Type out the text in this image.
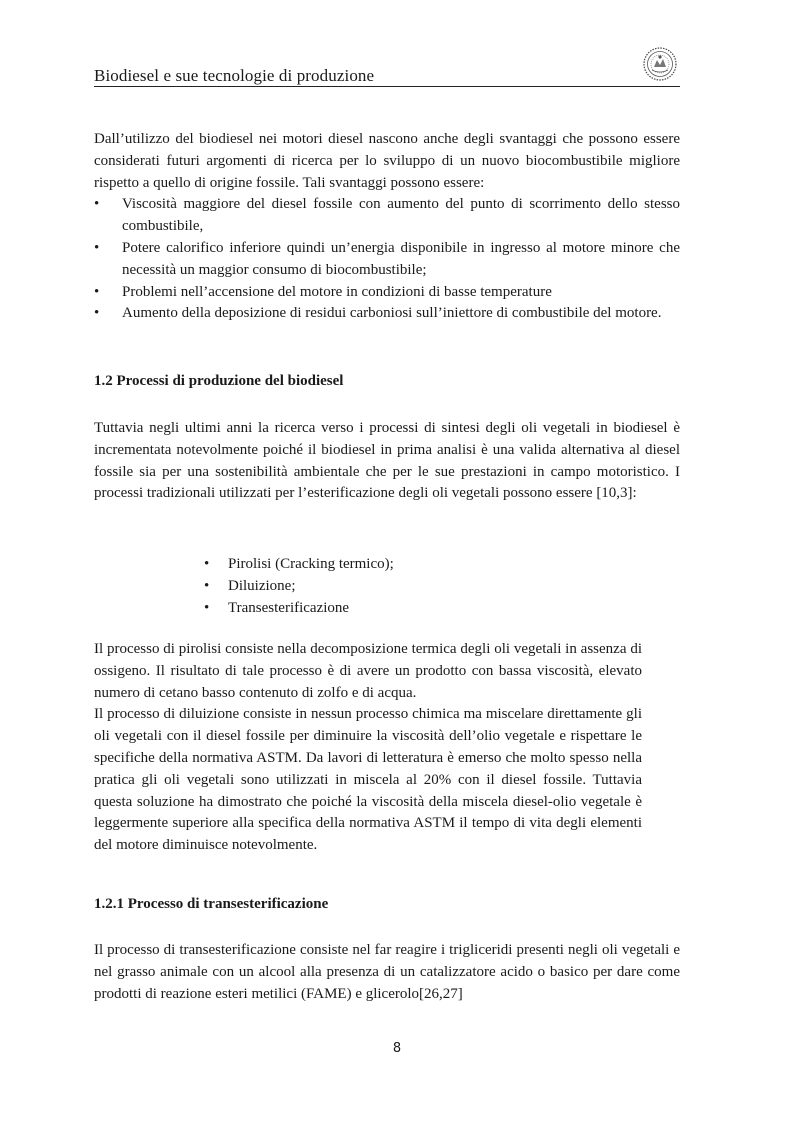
Biodiesel e sue tecnologie di produzione

Dall’utilizzo del biodiesel nei motori diesel nascono anche degli svantaggi che possono essere considerati futuri argomenti di ricerca per lo sviluppo di un nuovo biocombustibile migliore rispetto a quello di origine fossile. Tali svantaggi possono essere:

• Viscosità maggiore del diesel fossile con aumento del punto di scorrimento dello stesso combustibile,
• Potere calorifico inferiore quindi un’energia disponibile in ingresso al motore minore che necessità un maggior consumo di biocombustibile;
• Problemi nell’accensione del motore in condizioni di basse temperature
• Aumento della deposizione di residui carboniosi sull’iniettore di combustibile del motore.
1.2 Processi di produzione del biodiesel

Tuttavia negli ultimi anni la ricerca verso i processi di sintesi degli oli vegetali in biodiesel è incrementata notevolmente poiché il biodiesel in prima analisi è una valida alternativa al diesel fossile sia per una sostenibilità ambientale che per le sue prestazioni in campo motoristico. I processi tradizionali utilizzati per l’esterificazione degli oli vegetali possono essere [10,3]:

•	Pirolisi (Cracking termico);
•	Diluizione;
•	Transesterificazione

Il processo di pirolisi consiste nella decomposizione termica degli oli vegetali in assenza di ossigeno. Il risultato di tale processo è di avere un prodotto con bassa viscosità, elevato numero di cetano basso contenuto di zolfo e di acqua.

Il processo di diluizione consiste in nessun processo chimica ma miscelare direttamente gli oli vegetali con il diesel fossile per diminuire la viscosità dell’olio vegetale e rispettare le specifiche della normativa ASTM. Da lavori di letteratura è emerso che molto spesso nella pratica gli oli vegetali sono utilizzati in miscela al 20% con il diesel fossile. Tuttavia questa soluzione ha dimostrato che poiché la viscosità della miscela diesel-olio vegetale è leggermente superiore alla specifica della normativa ASTM il tempo di vita degli elementi del motore diminuisce notevolmente.

1.2.1 Processo di transesterificazione

Il processo di transesterificazione consiste nel far reagire i trigliceridi presenti negli oli vegetali e nel grasso animale con un alcool alla presenza di un catalizzatore acido o basico per dare come prodotti di reazione esteri metilici (FAME) e glicerolo[26,27]

8
